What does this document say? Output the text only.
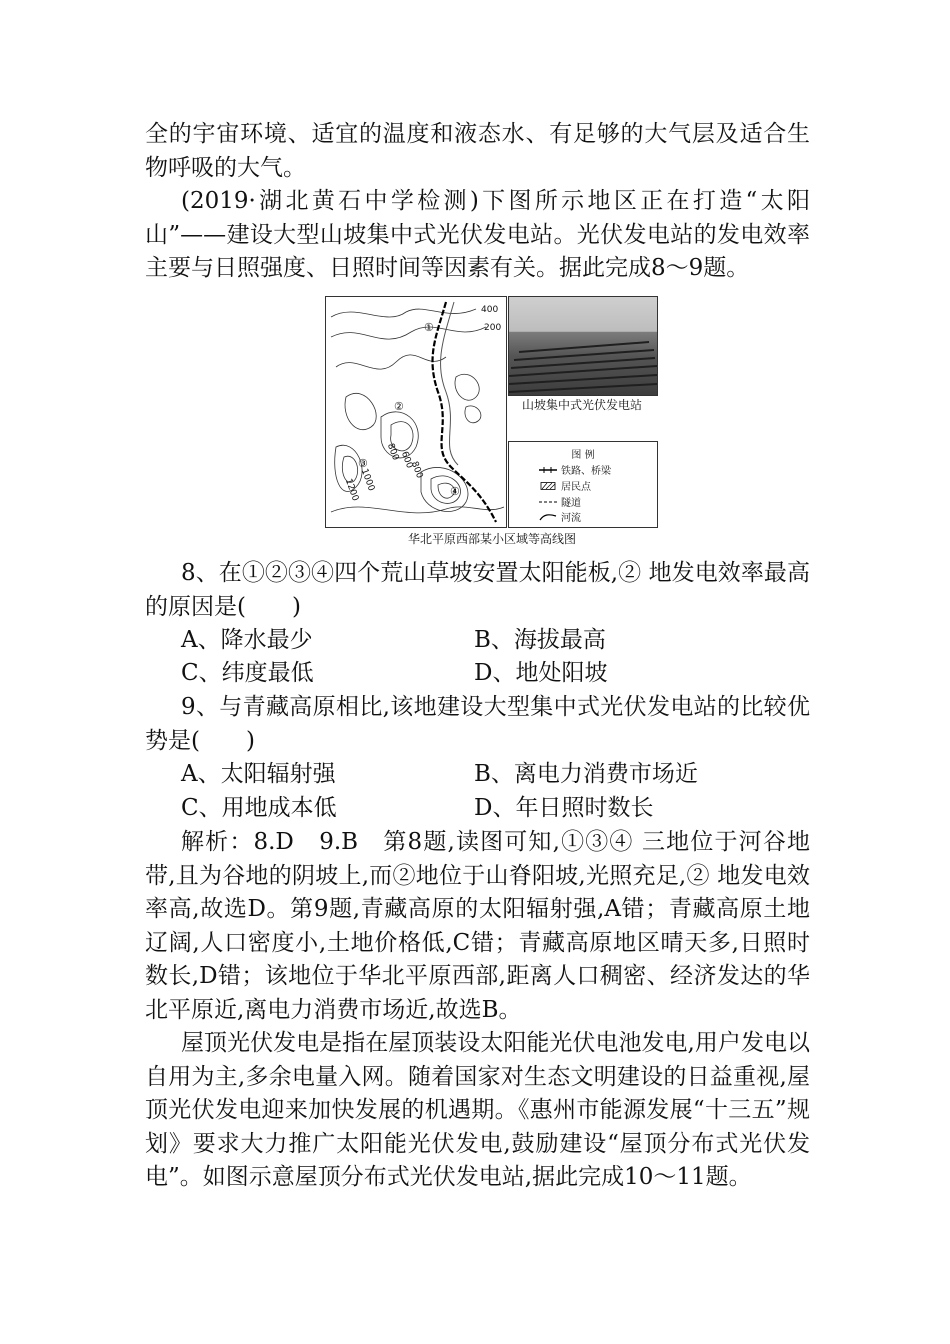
全的宇宙环境、适宜的温度和液态水、有足够的大气层及适合生物呼吸的大气。

(2019·湖北黄石中学检测)下图所示地区正在打造“太阳山”——建设大型山坡集中式光伏发电站。光伏发电站的发电效率主要与日照强度、日照时间等因素有关。据此完成8～9题。

400
200
800
600
800
1000
1200
①
②
③
④
山坡集中式光伏发电站
图 例
铁路、桥梁
居民点
隧道
河流
华北平原西部某小区域等高线图

8、在①②③④四个荒山草坡安置太阳能板,② 地发电效率最高的原因是(　　)

A、降水最少	B、海拔最高

C、纬度最低	D、地处阳坡

9、与青藏高原相比,该地建设大型集中式光伏发电站的比较优势是(　　)

A、太阳辐射强	B、离电力消费市场近

C、用地成本低	D、年日照时数长

解析：8.D　9.B　第8题,读图可知,①③④ 三地位于河谷地带,且为谷地的阴坡上,而②地位于山脊阳坡,光照充足,② 地发电效率高,故选D。第9题,青藏高原的太阳辐射强,A错；青藏高原土地辽阔,人口密度小,土地价格低,C错；青藏高原地区晴天多,日照时数长,D错；该地位于华北平原西部,距离人口稠密、经济发达的华北平原近,离电力消费市场近,故选B。

屋顶光伏发电是指在屋顶装设太阳能光伏电池发电,用户发电以自用为主,多余电量入网。随着国家对生态文明建设的日益重视,屋顶光伏发电迎来加快发展的机遇期。《惠州市能源发展“十三五”规划》要求大力推广太阳能光伏发电,鼓励建设“屋顶分布式光伏发电”。如图示意屋顶分布式光伏发电站,据此完成10～11题。
